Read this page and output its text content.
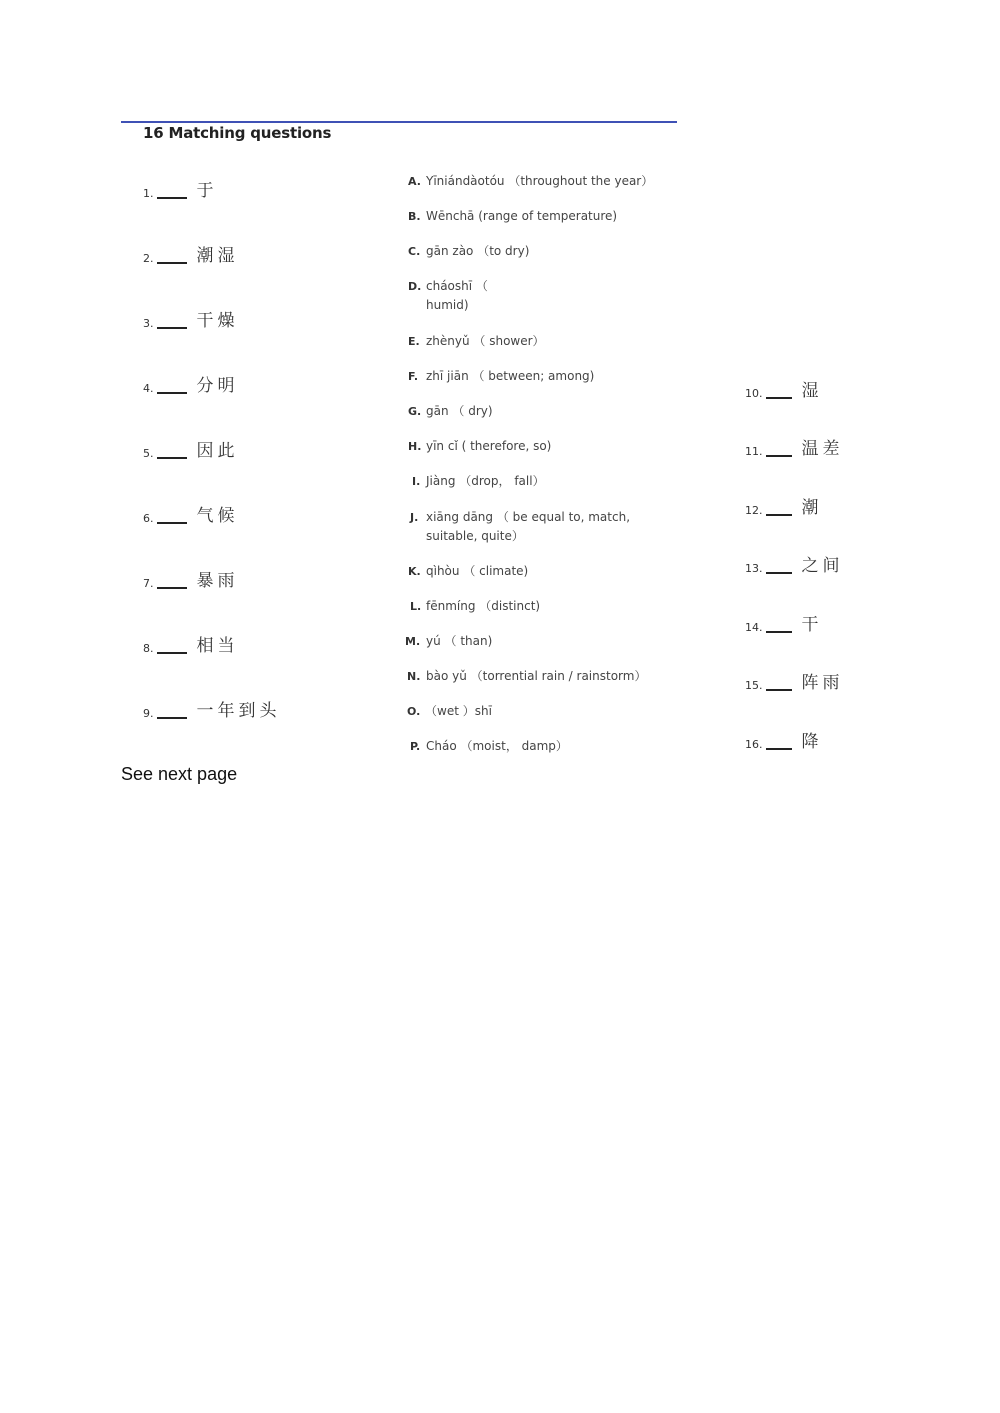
16 Matching questions
1.	于
2.	潮湿
3.	干燥
4.	分明
5.	因此
6.	气候
7.	暴雨
8.	相当
9.	一年到头
A. Yīniándàotóu （throughout the year）
B. Wēnchā (range of temperature)
C. gān zào （to dry)
D. cháoshī （ humid)
E. zhènyǔ （ shower）
F. zhī jiān （ between; among)
G. gān （ dry)
H. yīn cǐ ( therefore, so)
I. Jiàng （drop， fall）
J. xiāng dāng （ be equal to, match, suitable, quite）
K. qìhòu （ climate)
L. fēnmíng （distinct)
M. yú （ than)
N. bào yǔ （torrential rain / rainstorm）
O. （wet ）shī
P. Cháo （moist， damp）
10. 湿
11. 温差
12. 潮
13. 之间
14. 干
15. 阵雨
16. 降
See next page
